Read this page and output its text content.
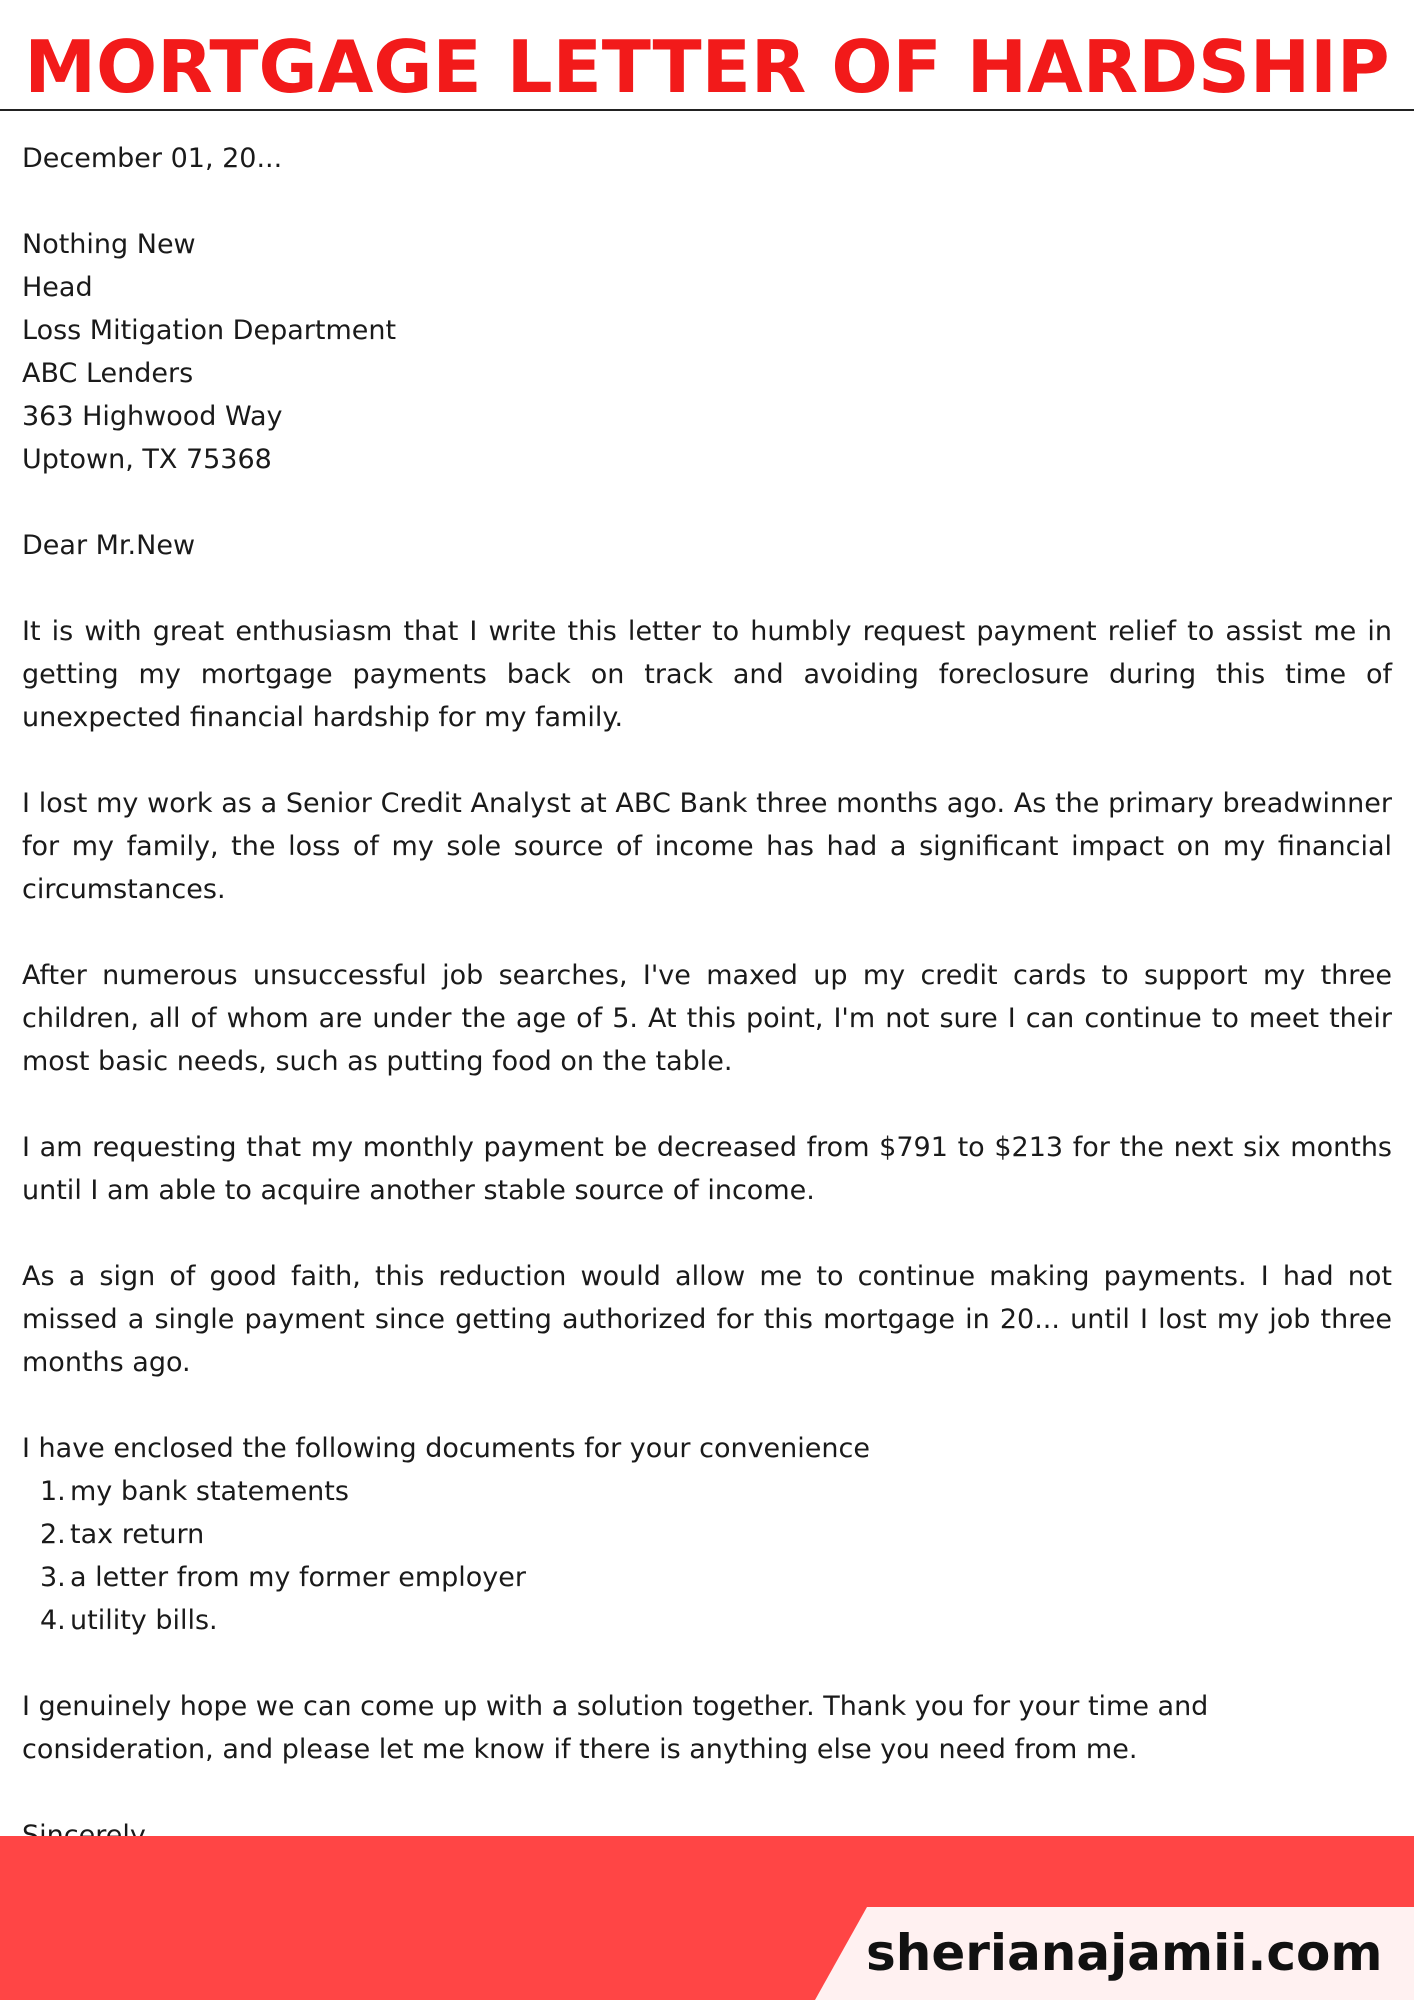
MORTGAGE LETTER OF HARDSHIP

December 01, 20...

Nothing New
Head
Loss Mitigation Department
ABC Lenders
363 Highwood Way
Uptown, TX 75368

Dear Mr.New

It is with great enthusiasm that I write this letter to humbly request payment relief to assist me in getting my mortgage payments back on track and avoiding foreclosure during this time of unexpected financial hardship for my family.

I lost my work as a Senior Credit Analyst at ABC Bank three months ago. As the primary breadwinner for my family, the loss of my sole source of income has had a significant impact on my financial circumstances.

After numerous unsuccessful job searches, I've maxed up my credit cards to support my three children, all of whom are under the age of 5. At this point, I'm not sure I can continue to meet their most basic needs, such as putting food on the table.

I am requesting that my monthly payment be decreased from $791 to $213 for the next six months until I am able to acquire another stable source of income.

As a sign of good faith, this reduction would allow me to continue making payments. I had not missed a single payment since getting authorized for this mortgage in 20... until I lost my job three months ago.

I have enclosed the following documents for your convenience
1. my bank statements
2. tax return
3. a letter from my former employer
4. utility bills.

I genuinely hope we can come up with a solution together. Thank you for your time and consideration, and please let me know if there is anything else you need from me.

sherianajamii.com
